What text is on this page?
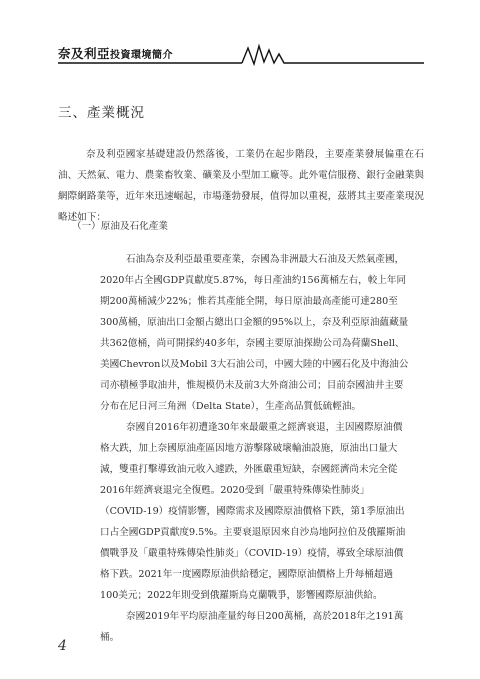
奈及利亞投資環境簡介
三、產業概況

奈及利亞國家基礎建設仍然落後，工業仍在起步階段，主要產業發展偏重在石油、天然氣、電力、農業畜牧業、礦業及小型加工廠等。此外電信服務、銀行金融業與網際網路業等，近年來迅速崛起，市場蓬勃發展，值得加以重視，茲將其主要產業現況略述如下：

（一）原油及石化產業

石油為奈及利亞最重要產業，奈國為非洲最大石油及天然氣產國，2020年占全國GDP貢獻度5.87%，每日產油約156萬桶左右，較上年同期200萬桶減少22%；惟若其產能全開，每日原油最高產能可達280至300萬桶，原油出口金額占總出口金額的95%以上，奈及利亞原油蘊藏量共362億桶，尚可開採約40多年，奈國主要原油探勘公司為荷蘭Shell、美國Chevron以及Mobil 3大石油公司，中國大陸的中國石化及中海油公司亦積極爭取油井，惟規模仍未及前3大外商油公司；目前奈國油井主要分布在尼日河三角洲（Delta State），生產高品質低硫輕油。

奈國自2016年初遭逢30年來最嚴重之經濟衰退，主因國際原油價格大跌，加上奈國原油產區因地方游擊隊破壞輸油設施，原油出口量大減，雙重打擊導致油元收入遽跌，外匯嚴重短缺，奈國經濟尚未完全從2016年經濟衰退完全復甦。2020受到「嚴重特殊傳染性肺炎」（COVID-19）疫情影響，國際需求及國際原油價格下跌，第1季原油出口占全國GDP貢獻度9.5%。主要衰退原因來自沙烏地阿拉伯及俄羅斯油價戰爭及「嚴重特殊傳染性肺炎」（COVID-19）疫情，導致全球原油價格下跌。2021年一度國際原油供給穩定，國際原油價格上升每桶超過100美元；2022年則受到俄羅斯烏克蘭戰爭，影響國際原油供給。

奈國2019年平均原油產量約每日200萬桶，高於2018年之191萬桶。

4
